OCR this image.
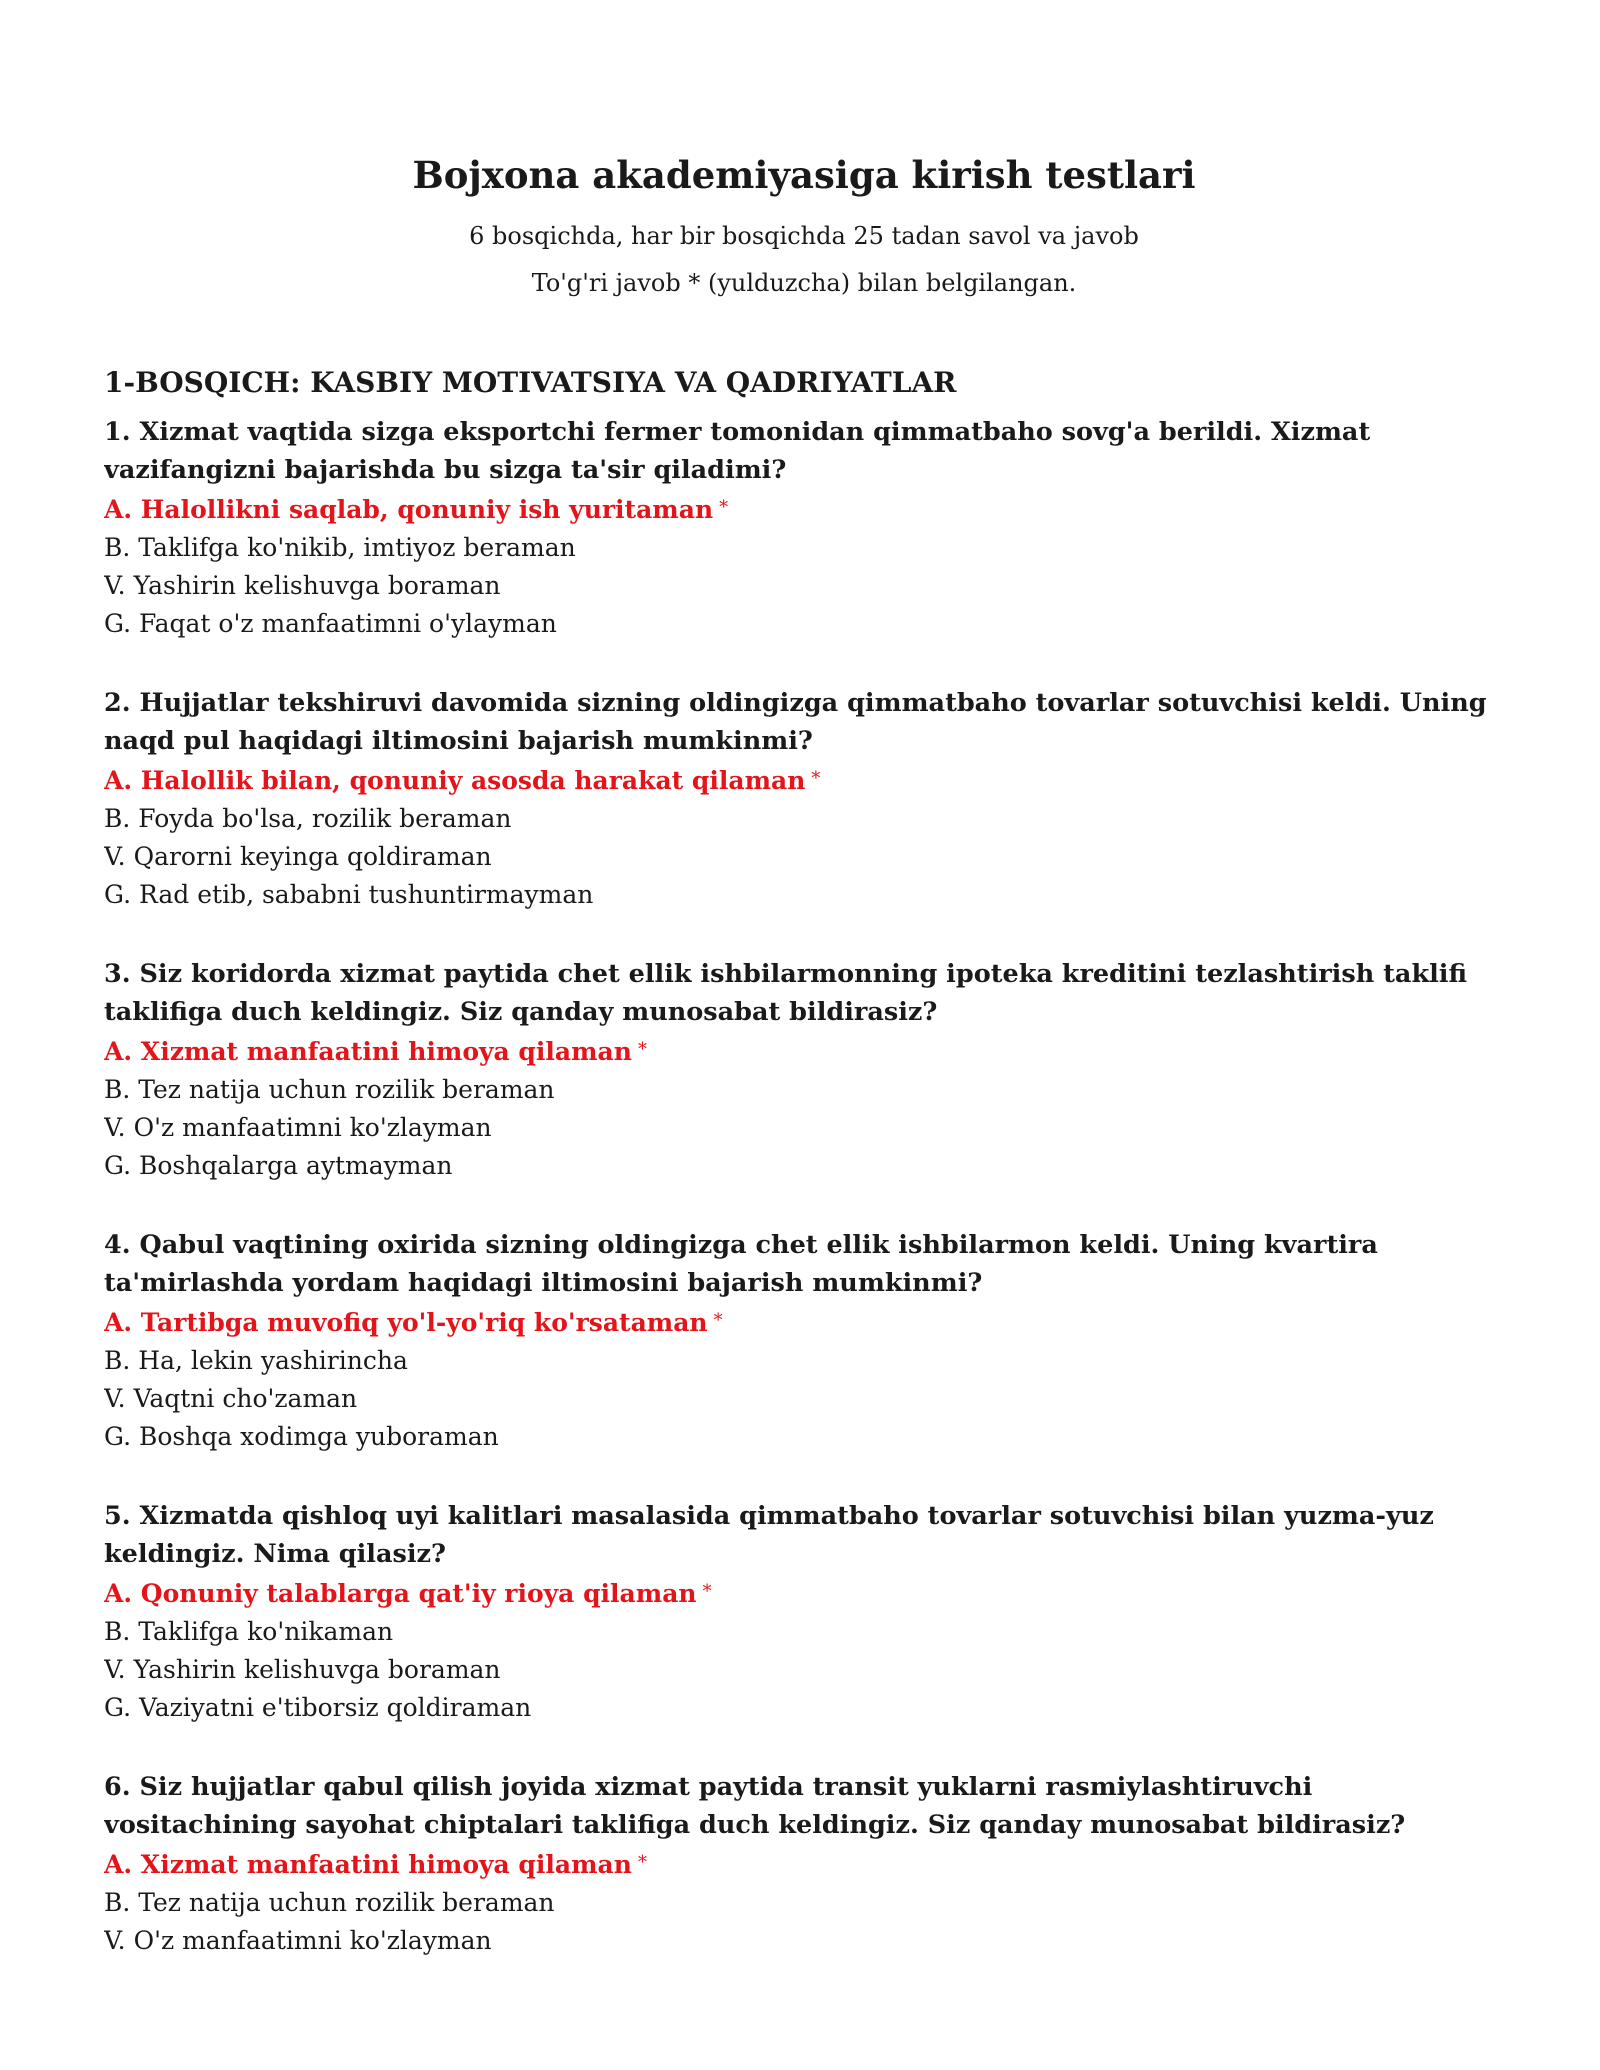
Bojxona akademiyasiga kirish testlari

6 bosqichda, har bir bosqichda 25 tadan savol va javob

To'g'ri javob * (yulduzcha) bilan belgilangan.

1-BOSQICH: KASBIY MOTIVATSIYA VA QADRIYATLAR

1. Xizmat vaqtida sizga eksportchi fermer tomonidan qimmatbaho sovg'a berildi. Xizmat vazifangizni bajarishda bu sizga ta'sir qiladimi?

A. Halollikni saqlab, qonuniy ish yuritaman *

B. Taklifga ko'nikib, imtiyoz beraman

V. Yashirin kelishuvga boraman

G. Faqat o'z manfaatimni o'ylayman

2. Hujjatlar tekshiruvi davomida sizning oldingizga qimmatbaho tovarlar sotuvchisi keldi. Uning naqd pul haqidagi iltimosini bajarish mumkinmi?

A. Halollik bilan, qonuniy asosda harakat qilaman *

B. Foyda bo'lsa, rozilik beraman

V. Qarorni keyinga qoldiraman

G. Rad etib, sababni tushuntirmayman

3. Siz koridorda xizmat paytida chet ellik ishbilarmonning ipoteka kreditini tezlashtirish taklifi taklifiga duch keldingiz. Siz qanday munosabat bildirasiz?

A. Xizmat manfaatini himoya qilaman *

B. Tez natija uchun rozilik beraman

V. O'z manfaatimni ko'zlayman

G. Boshqalarga aytmayman

4. Qabul vaqtining oxirida sizning oldingizga chet ellik ishbilarmon keldi. Uning kvartira ta'mirlashda yordam haqidagi iltimosini bajarish mumkinmi?

A. Tartibga muvofiq yo'l-yo'riq ko'rsataman *

B. Ha, lekin yashirincha

V. Vaqtni cho'zaman

G. Boshqa xodimga yuboraman

5. Xizmatda qishloq uyi kalitlari masalasida qimmatbaho tovarlar sotuvchisi bilan yuzma-yuz keldingiz. Nima qilasiz?

A. Qonuniy talablarga qat'iy rioya qilaman *

B. Taklifga ko'nikaman

V. Yashirin kelishuvga boraman

G. Vaziyatni e'tiborsiz qoldiraman

6. Siz hujjatlar qabul qilish joyida xizmat paytida transit yuklarni rasmiylashtiruvchi vositachining sayohat chiptalari taklifiga duch keldingiz. Siz qanday munosabat bildirasiz?

A. Xizmat manfaatini himoya qilaman *

B. Tez natija uchun rozilik beraman

V. O'z manfaatimni ko'zlayman
